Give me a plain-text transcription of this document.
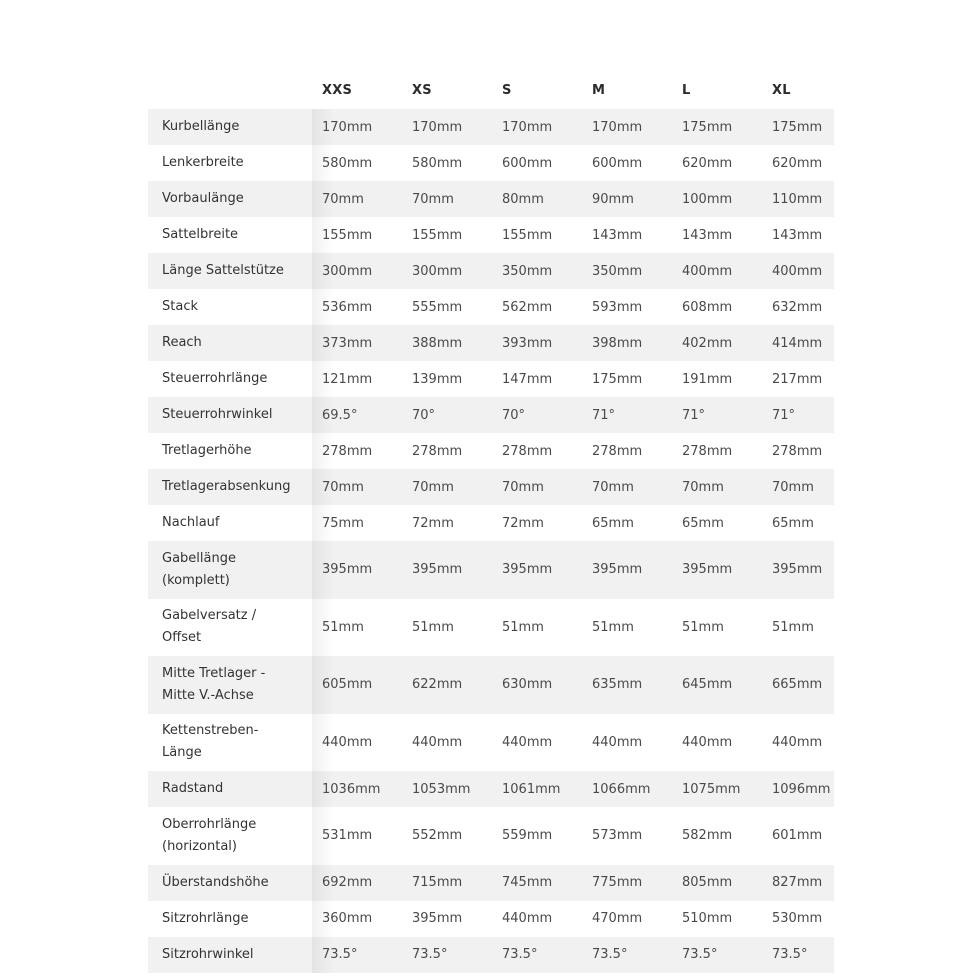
	XXS	XS	S	M	L	XL
Kurbellänge	170mm	170mm	170mm	170mm	175mm	175mm
Lenkerbreite	580mm	580mm	600mm	600mm	620mm	620mm
Vorbaulänge	70mm	70mm	80mm	90mm	100mm	110mm
Sattelbreite	155mm	155mm	155mm	143mm	143mm	143mm
Länge Sattelstütze	300mm	300mm	350mm	350mm	400mm	400mm
Stack	536mm	555mm	562mm	593mm	608mm	632mm
Reach	373mm	388mm	393mm	398mm	402mm	414mm
Steuerrohrlänge	121mm	139mm	147mm	175mm	191mm	217mm
Steuerrohrwinkel	69.5°	70°	70°	71°	71°	71°
Tretlagerhöhe	278mm	278mm	278mm	278mm	278mm	278mm
Tretlagerabsenkung	70mm	70mm	70mm	70mm	70mm	70mm
Nachlauf	75mm	72mm	72mm	65mm	65mm	65mm
Gabellänge
(komplett)	395mm	395mm	395mm	395mm	395mm	395mm
Gabelversatz /
Offset	51mm	51mm	51mm	51mm	51mm	51mm
Mitte Tretlager -
Mitte V.-Achse	605mm	622mm	630mm	635mm	645mm	665mm
Kettenstreben-
Länge	440mm	440mm	440mm	440mm	440mm	440mm
Radstand	1036mm	1053mm	1061mm	1066mm	1075mm	1096mm
Oberrohrlänge
(horizontal)	531mm	552mm	559mm	573mm	582mm	601mm
Überstandshöhe	692mm	715mm	745mm	775mm	805mm	827mm
Sitzrohrlänge	360mm	395mm	440mm	470mm	510mm	530mm
Sitzrohrwinkel	73.5°	73.5°	73.5°	73.5°	73.5°	73.5°
